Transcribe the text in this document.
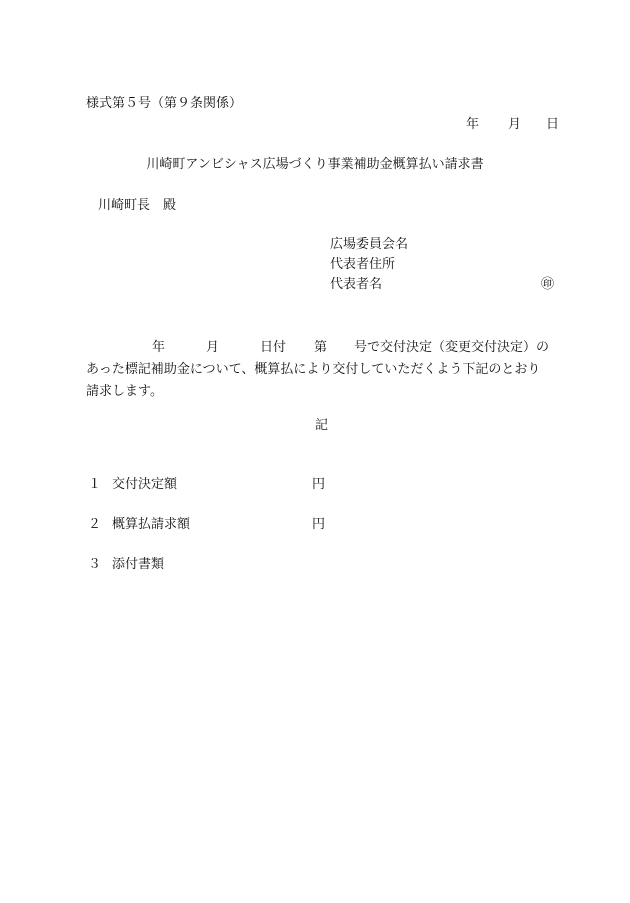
様式第５号（第９条関係）
年 月 日
川崎町アンビシャス広場づくり事業補助金概算払い請求書
川崎町長　殿
広場委員会名
代表者住所
代表者名	㊞
年	月	日付 第 号で交付決定（変更交付決定）の
あった標記補助金について、概算払により交付していただくよう下記のとおり
請求します。
記
１ 交付決定額	円
２ 概算払請求額	円
３ 添付書類
